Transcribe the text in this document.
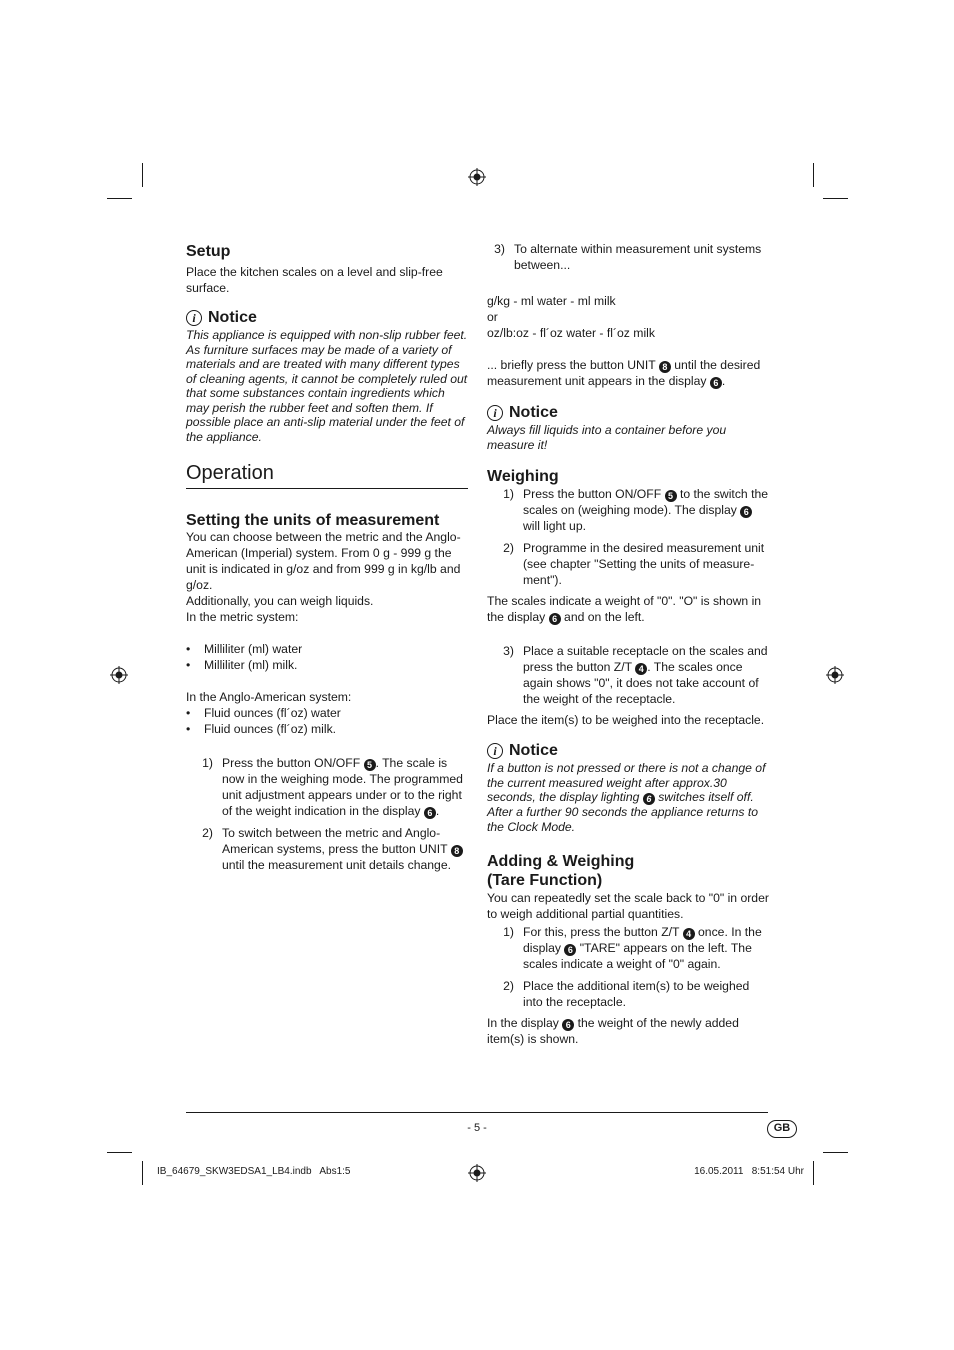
Setup

Place the kitchen scales on a level and slip-free surface.

i Notice

This appliance is equipped with non-slip rubber feet. As furniture surfaces may be made of a variety of materials and are treated with many different types of cleaning agents, it cannot be completely ruled out that some substances contain ingredients which may perish the rubber feet and soften them. If possible place an anti-slip material under the feet of the appliance.

Operation
Setting the units of measurement

You can choose between the metric and the Anglo-American (Imperial) system. From 0 g - 999 g the unit is indicated in g/oz and from 999 g in kg/lb and g/oz.

Additionally, you can weigh liquids.

In the metric system:

•	Milliliter (ml) water
•	Milliliter (ml) milk.

In the Anglo-American system:

•	Fluid ounces (fl´oz) water
•	Fluid ounces (fl´oz) milk.
1) Press the button ON/OFF 5 . The scale is now in the weighing mode. The programmed unit adjustment appears under or to the right of the weight indication in the display 6 .
2) To switch between the metric and Anglo-American systems, press the button UNIT 8 until the measurement unit details change.
3) To alternate within measurement unit systems between...

g/kg - ml water - ml milk

or

oz/lb:oz - fl´oz water - fl´oz milk

... briefly press the button UNIT 8 until the desired measurement unit appears in the display 6 .

i Notice

Always fill liquids into a container before you measure it!

Weighing
1) Press the button ON/OFF 5 to the switch the scales on (weighing mode). The display 6 will light up.
2) Programme in the desired measurement unit (see chapter "Setting the units of measure-ment").

The scales indicate a weight of "0". "O" is shown in the display 6 and on the left.

3) Place a suitable receptacle on the scales and press the button Z/T 4 . The scales once again shows "0", it does not take account of the weight of the receptacle.

Place the item(s) to be weighed into the receptacle.

i Notice

If a button is not pressed or there is not a change of the current measured weight after approx.30 seconds, the display lighting 6 switches itself off. After a further 90 seconds the appliance returns to the Clock Mode.

Adding & Weighing
(Tare Function)

You can repeatedly set the scale back to "0" in order to weigh additional partial quantities.

1) For this, press the button Z/T 4 once. In the display 6 "TARE" appears on the left. The scales indicate a weight of "0" again.
2) Place the additional item(s) to be weighed into the receptacle.

In the display 6 the weight of the newly added item(s) is shown.

- 5 -	GB
IB_64679_SKW3EDSA1_LB4.indb   Abs1:5	16.05.2011   8:51:54 Uhr
